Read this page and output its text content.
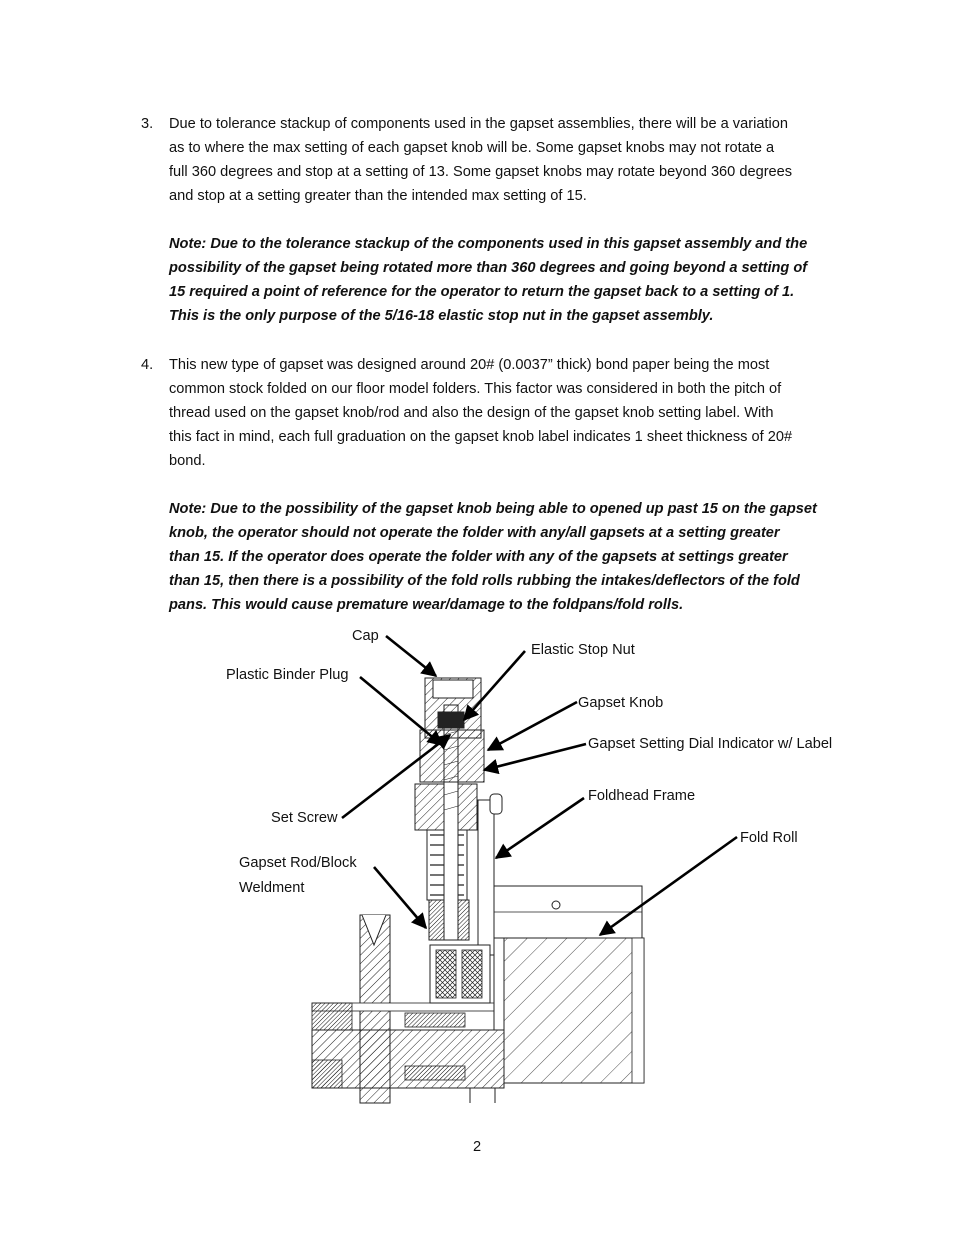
3. Due to tolerance stackup of components used in the gapset assemblies, there will be a variation
as to where the max setting of each gapset knob will be. Some gapset knobs may not rotate a
full 360 degrees and stop at a setting of 13. Some gapset knobs may rotate beyond 360 degrees
and stop at a setting greater than the intended max setting of 15.
Note: Due to the tolerance stackup of the components used in this gapset assembly and the
possibility of the gapset being rotated more than 360 degrees and going beyond a setting of
15 required a point of reference for the operator to return the gapset back to a setting of 1.
This is the only purpose of the 5/16-18 elastic stop nut in the gapset assembly.
4. This new type of gapset was designed around 20# (0.0037” thick) bond paper being the most
common stock folded on our floor model folders. This factor was considered in both the pitch of
thread used on the gapset knob/rod and also the design of the gapset knob setting label. With
this fact in mind, each full graduation on the gapset knob label indicates 1 sheet thickness of 20#
bond.
Note: Due to the possibility of the gapset knob being able to opened up past 15 on the gapset
knob, the operator should not operate the folder with any/all gapsets at a setting greater
than 15. If the operator does operate the folder with any of the gapsets at settings greater
than 15, then there is a possibility of the fold rolls rubbing the intakes/deflectors of the fold
pans. This would cause premature wear/damage to the foldpans/fold rolls.
Cap
Elastic Stop Nut
Plastic Binder Plug
Gapset Knob
Gapset Setting Dial Indicator w/ Label
Foldhead Frame
Set Screw
Fold Roll
Gapset Rod/Block
Weldment
2
